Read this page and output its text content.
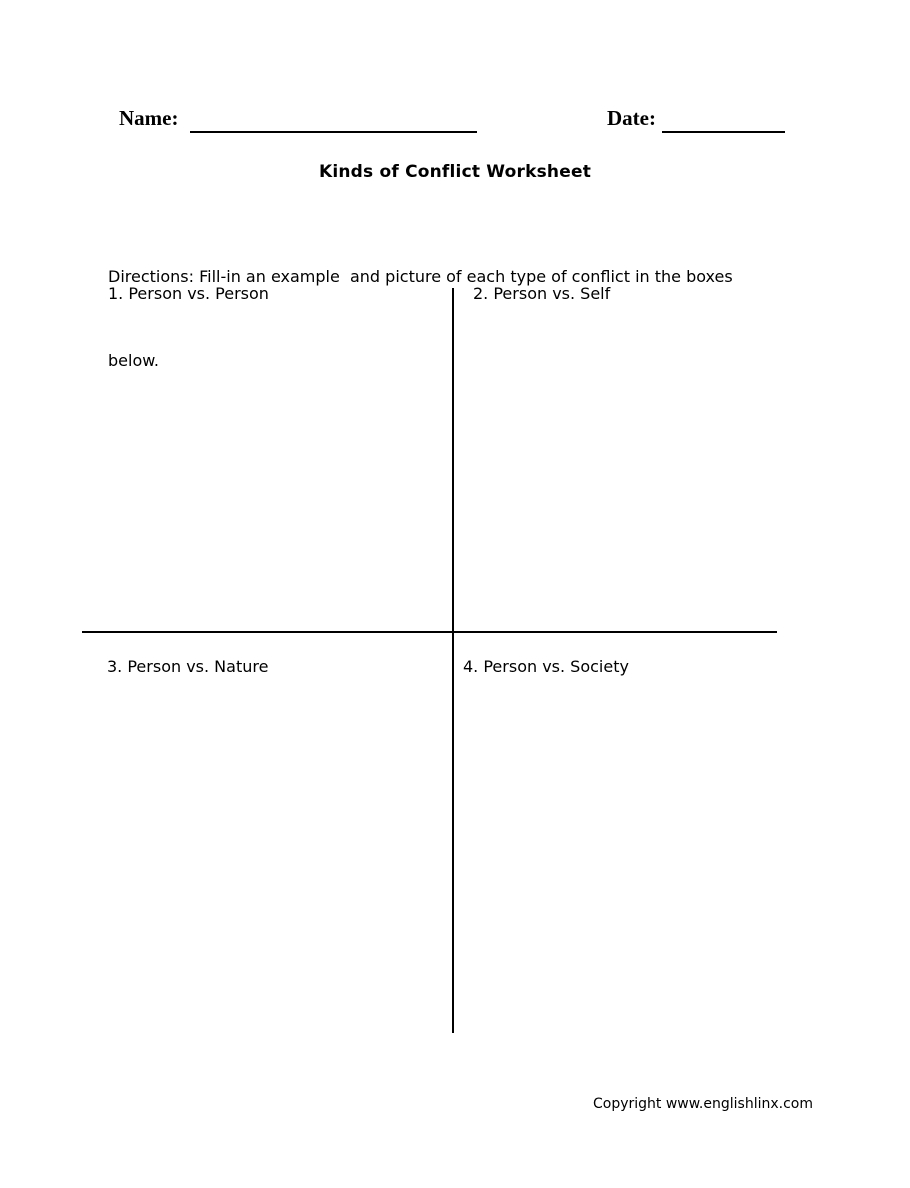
Name:	Date:
Kinds of Conflict Worksheet

Directions: Fill-in an example  and picture of each type of conflict in the boxes

below.

1. Person vs. Person	2. Person vs. Self
3. Person vs. Nature	4. Person vs. Society
Copyright www.englishlinx.com
